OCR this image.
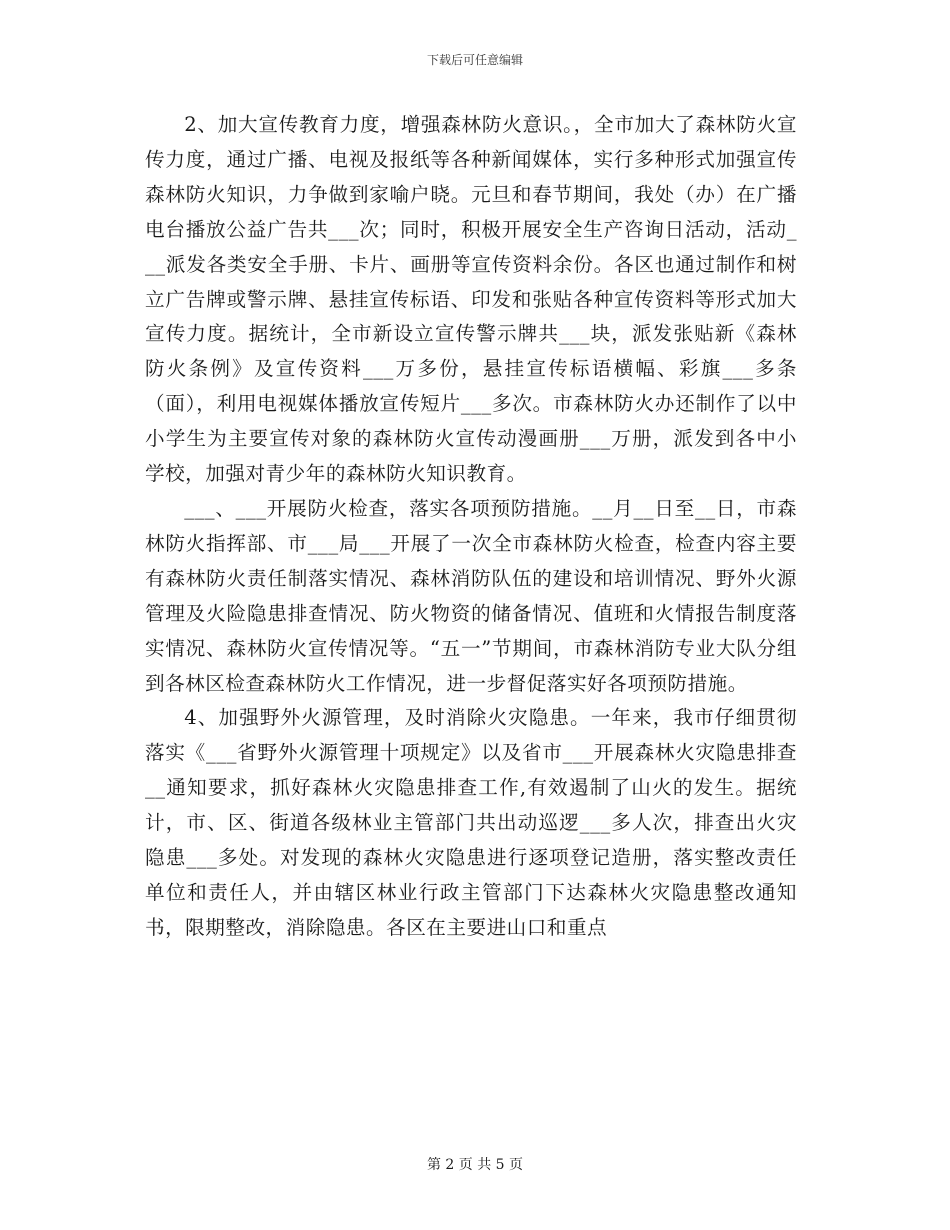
下载后可任意编辑

2、加大宣传教育力度，增强森林防火意识。，全市加大了森林防火宣传力度，通过广播、电视及报纸等各种新闻媒体，实行多种形式加强宣传森林防火知识，力争做到家喻户晓。元旦和春节期间，我处（办）在广播电台播放公益广告共___次；同时，积极开展安全生产咨询日活动，活动___派发各类安全手册、卡片、画册等宣传资料余份。各区也通过制作和树立广告牌或警示牌、悬挂宣传标语、印发和张贴各种宣传资料等形式加大宣传力度。据统计，全市新设立宣传警示牌共___块，派发张贴新《森林防火条例》及宣传资料___万多份，悬挂宣传标语横幅、彩旗___多条（面），利用电视媒体播放宣传短片___多次。市森林防火办还制作了以中小学生为主要宣传对象的森林防火宣传动漫画册___万册，派发到各中小学校，加强对青少年的森林防火知识教育。

___、___开展防火检查，落实各项预防措施。__月__日至__日，市森林防火指挥部、市___局___开展了一次全市森林防火检查，检查内容主要有森林防火责任制落实情况、森林消防队伍的建设和培训情况、野外火源管理及火险隐患排查情况、防火物资的储备情况、值班和火情报告制度落实情况、森林防火宣传情况等。“五一”节期间，市森林消防专业大队分组到各林区检查森林防火工作情况，进一步督促落实好各项预防措施。

4、加强野外火源管理，及时消除火灾隐患。一年来，我市仔细贯彻落实《___省野外火源管理十项规定》以及省市___开展森林火灾隐患排查__通知要求，抓好森林火灾隐患排查工作,有效遏制了山火的发生。据统计，市、区、街道各级林业主管部门共出动巡逻___多人次，排查出火灾隐患___多处。对发现的森林火灾隐患进行逐项登记造册，落实整改责任单位和责任人，并由辖区林业行政主管部门下达森林火灾隐患整改通知书，限期整改，消除隐患。各区在主要进山口和重点

第 2 页 共 5 页
